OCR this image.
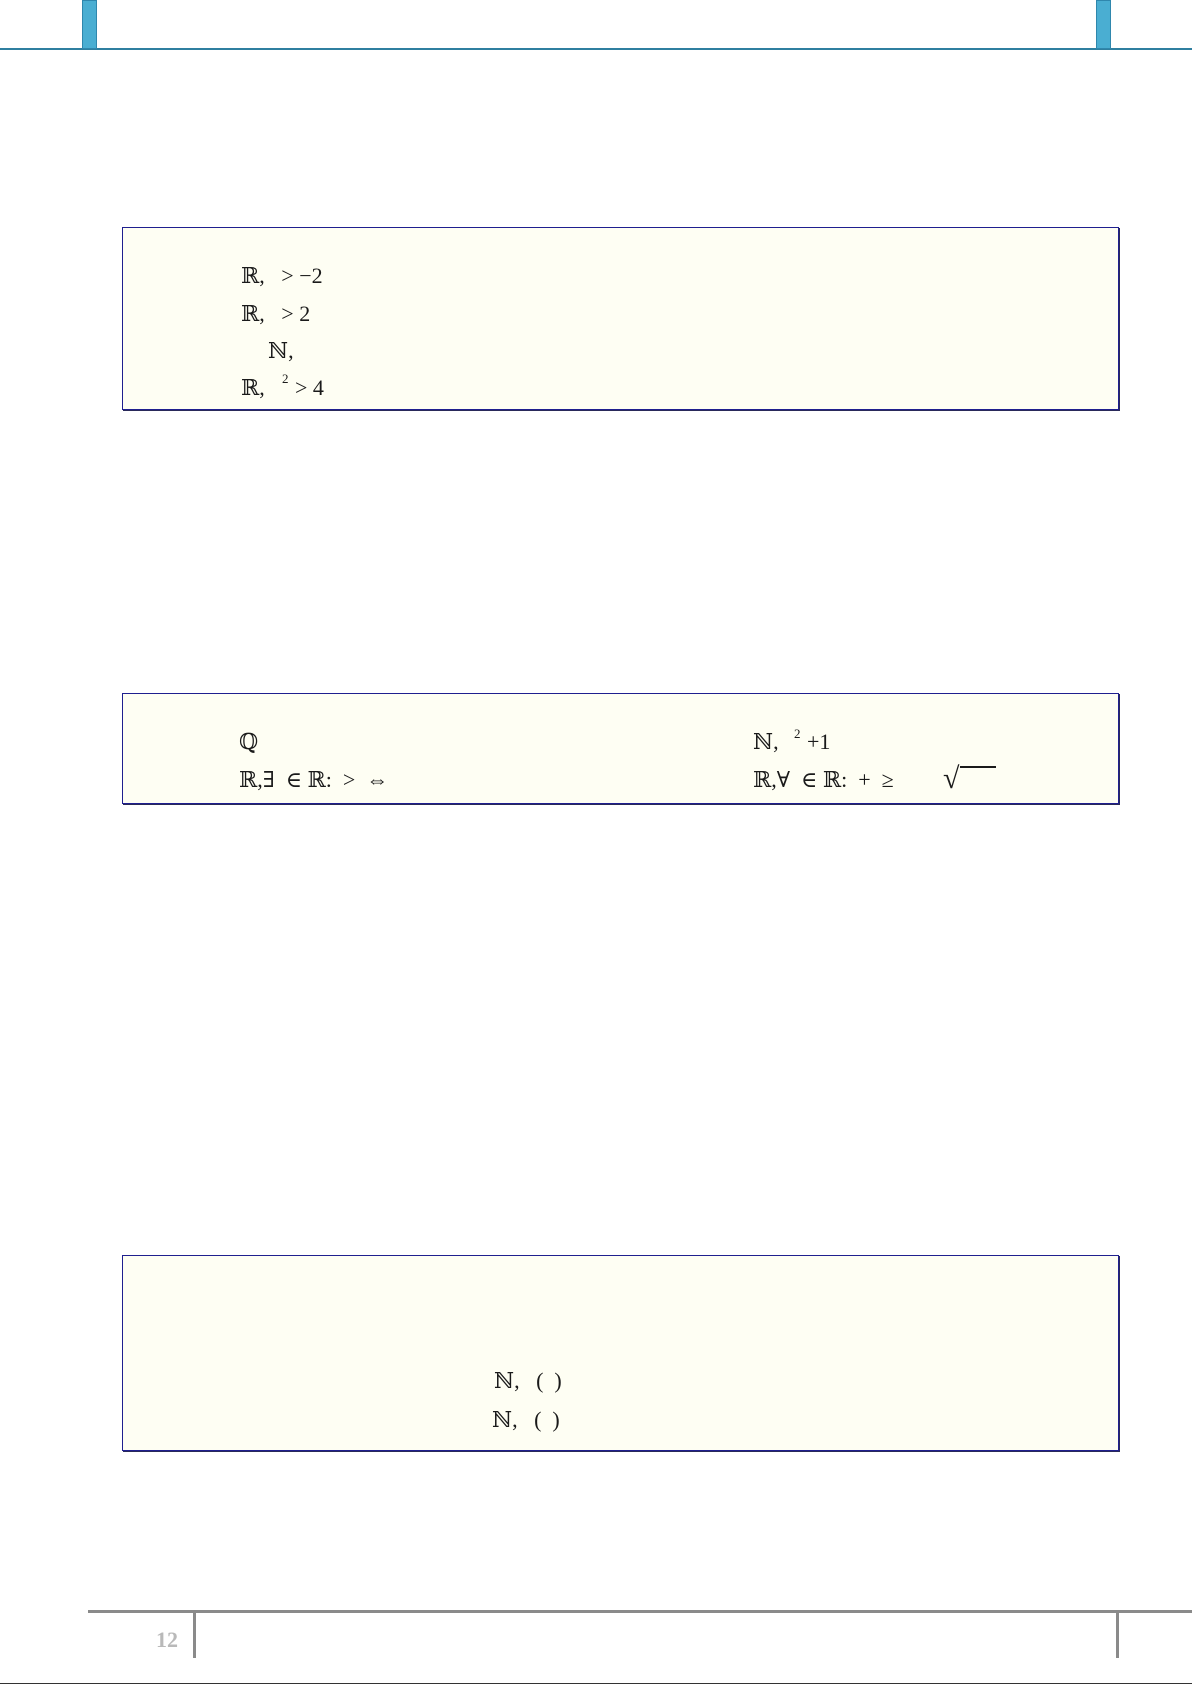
ℝ,   > −2
ℝ,   > 2
ℕ,
ℝ, 2 > 4
ℚ
ℝ,∃  ∈ ℝ:  >  ⇔
ℕ, 2 +1
ℝ,∀  ∈ ℝ:  +  ≥ √
ℕ,   (  )
ℕ,   (  )
12
